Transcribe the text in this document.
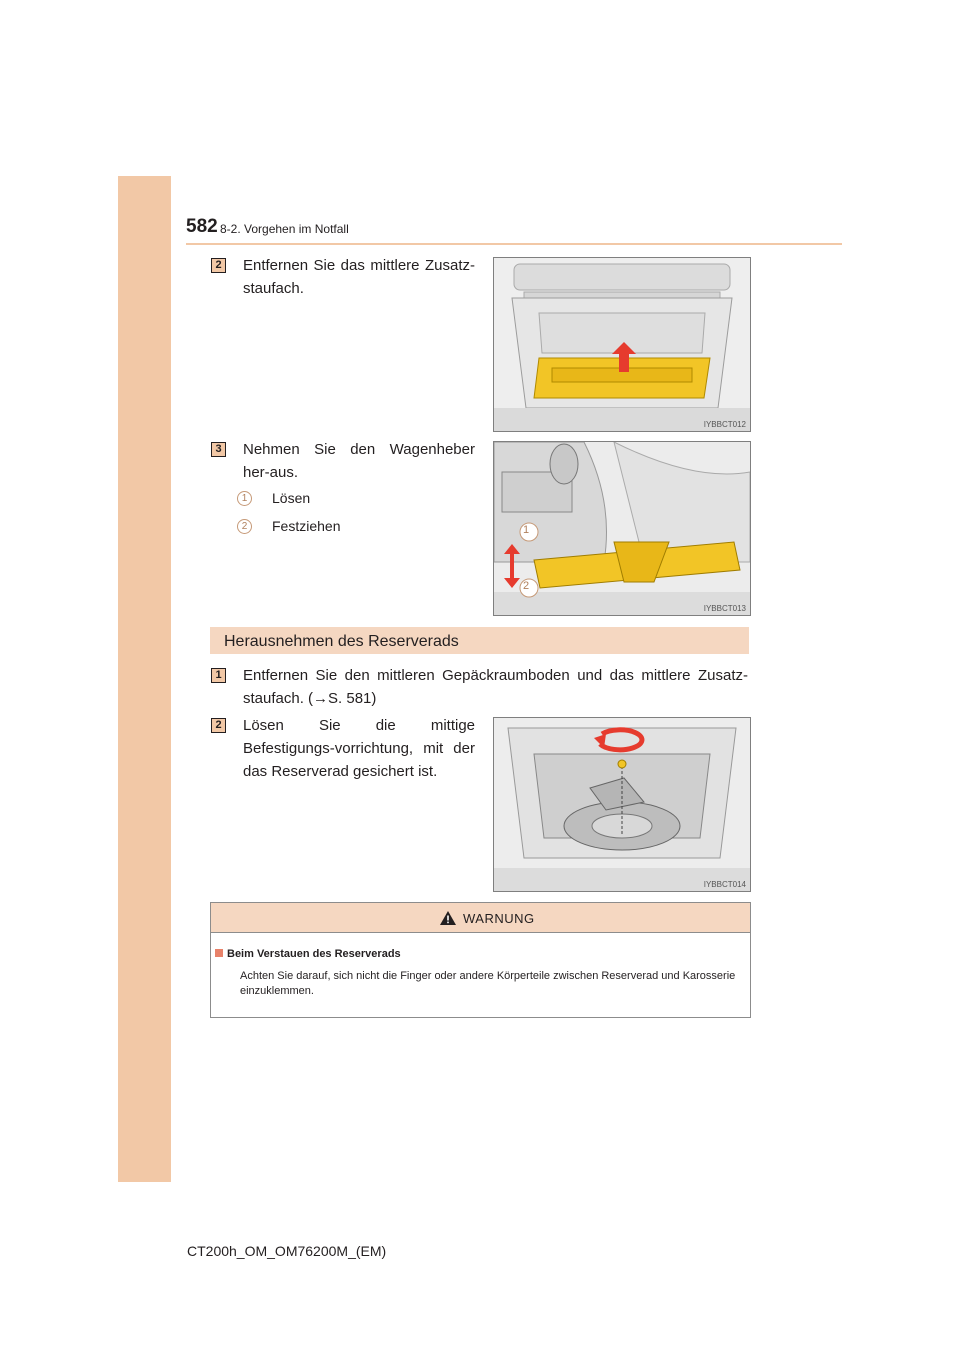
582 8-2. Vorgehen im Notfall
2 Entfernen Sie das mittlere Zusatz-staufach.
IYBBCT012
3 Nehmen Sie den Wagenheber her-aus.
1	Lösen
2	Festziehen	1
2
IYBBCT013
Herausnehmen des Reserverads
1 Entfernen Sie den mittleren Gepäckraumboden und das mittlere Zusatz-staufach. (→S. 581)
2 Lösen Sie die mittige Befestigungs-vorrichtung, mit der das Reserverad gesichert ist.
IYBBCT014
WARNUNG
Beim Verstauen des Reserverads
Achten Sie darauf, sich nicht die Finger oder andere Körperteile zwischen Reserverad und Karosserie einzuklemmen.
CT200h_OM_OM76200M_(EM)
